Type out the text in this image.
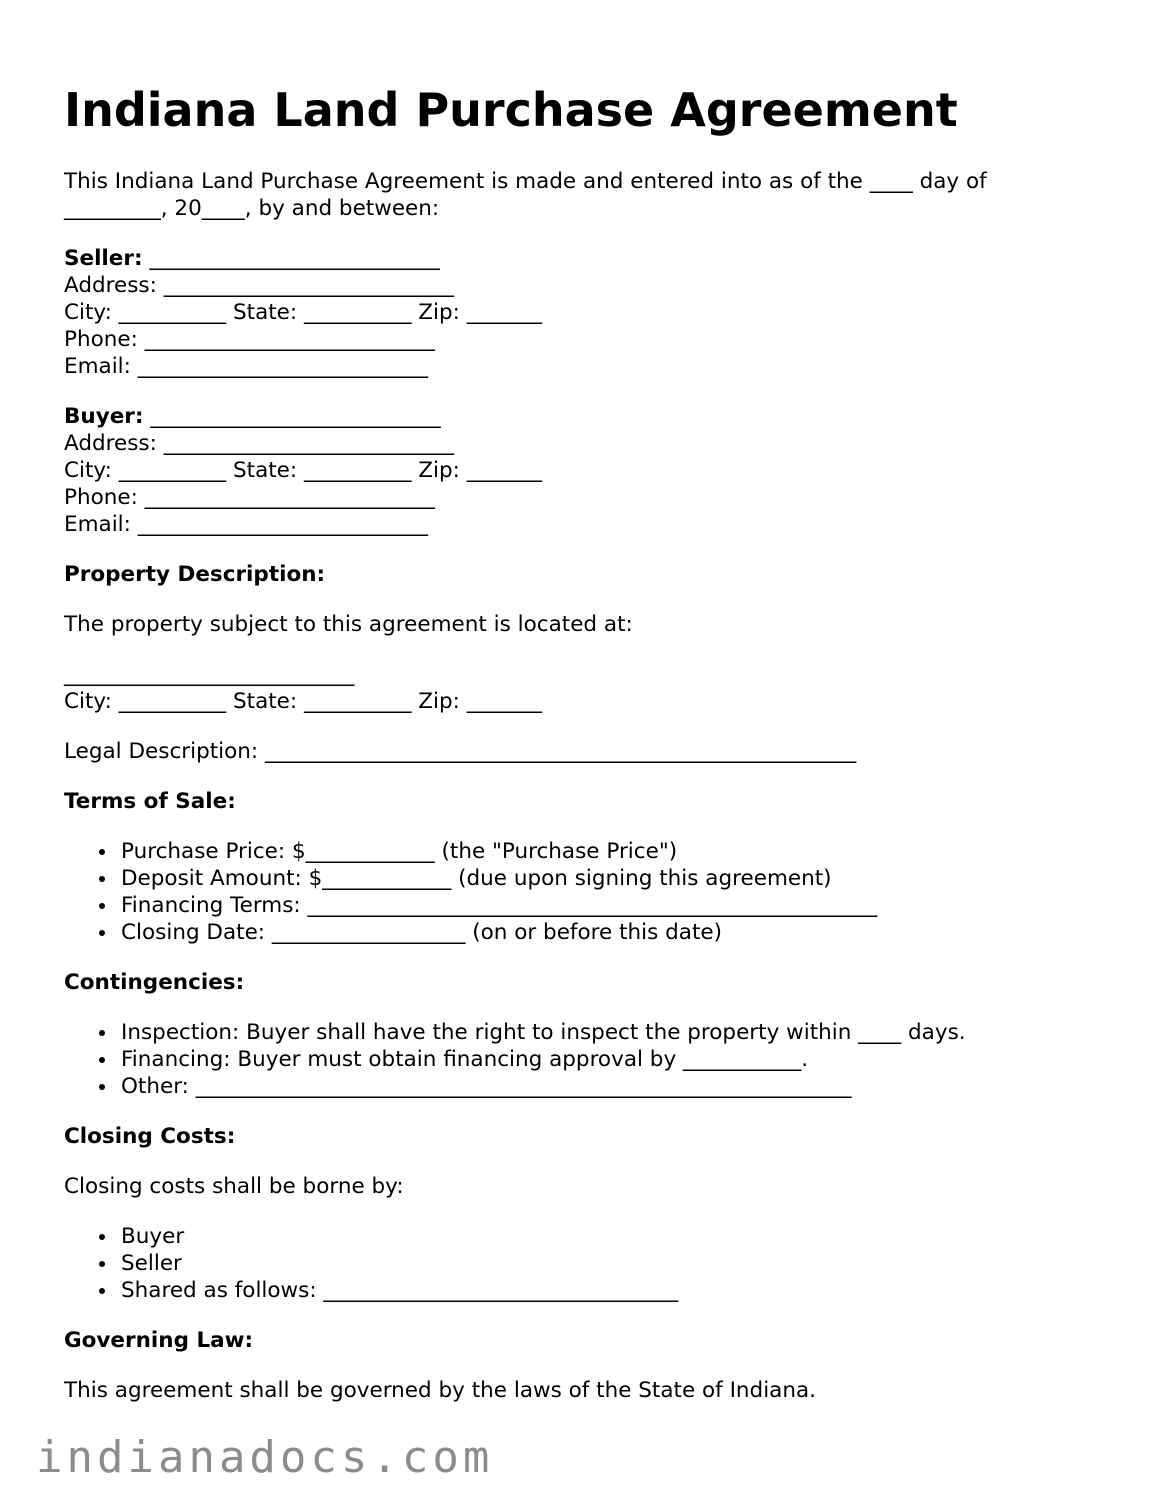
Indiana Land Purchase Agreement
This Indiana Land Purchase Agreement is made and entered into as of the ____ day of
_________, 20____, by and between:
Seller: ___________________________
Address: ___________________________
City: __________ State: __________ Zip: _______
Phone: ___________________________
Email: ___________________________
Buyer: ___________________________
Address: ___________________________
City: __________ State: __________ Zip: _______
Phone: ___________________________
Email: ___________________________
Property Description:

The property subject to this agreement is located at:

___________________________
City: __________ State: __________ Zip: _______

Legal Description: _______________________________________________________

Terms of Sale:
Purchase Price: $____________ (the "Purchase Price")
Deposit Amount: $____________ (due upon signing this agreement)
Financing Terms: _____________________________________________________
Closing Date: __________________ (on or before this date)
Contingencies:
Inspection: Buyer shall have the right to inspect the property within ____ days.
Financing: Buyer must obtain financing approval by ___________.
Other: _____________________________________________________________
Closing Costs:

Closing costs shall be borne by:

Buyer
Seller
Shared as follows: _________________________________
Governing Law:

This agreement shall be governed by the laws of the State of Indiana.

indianadocs.com
